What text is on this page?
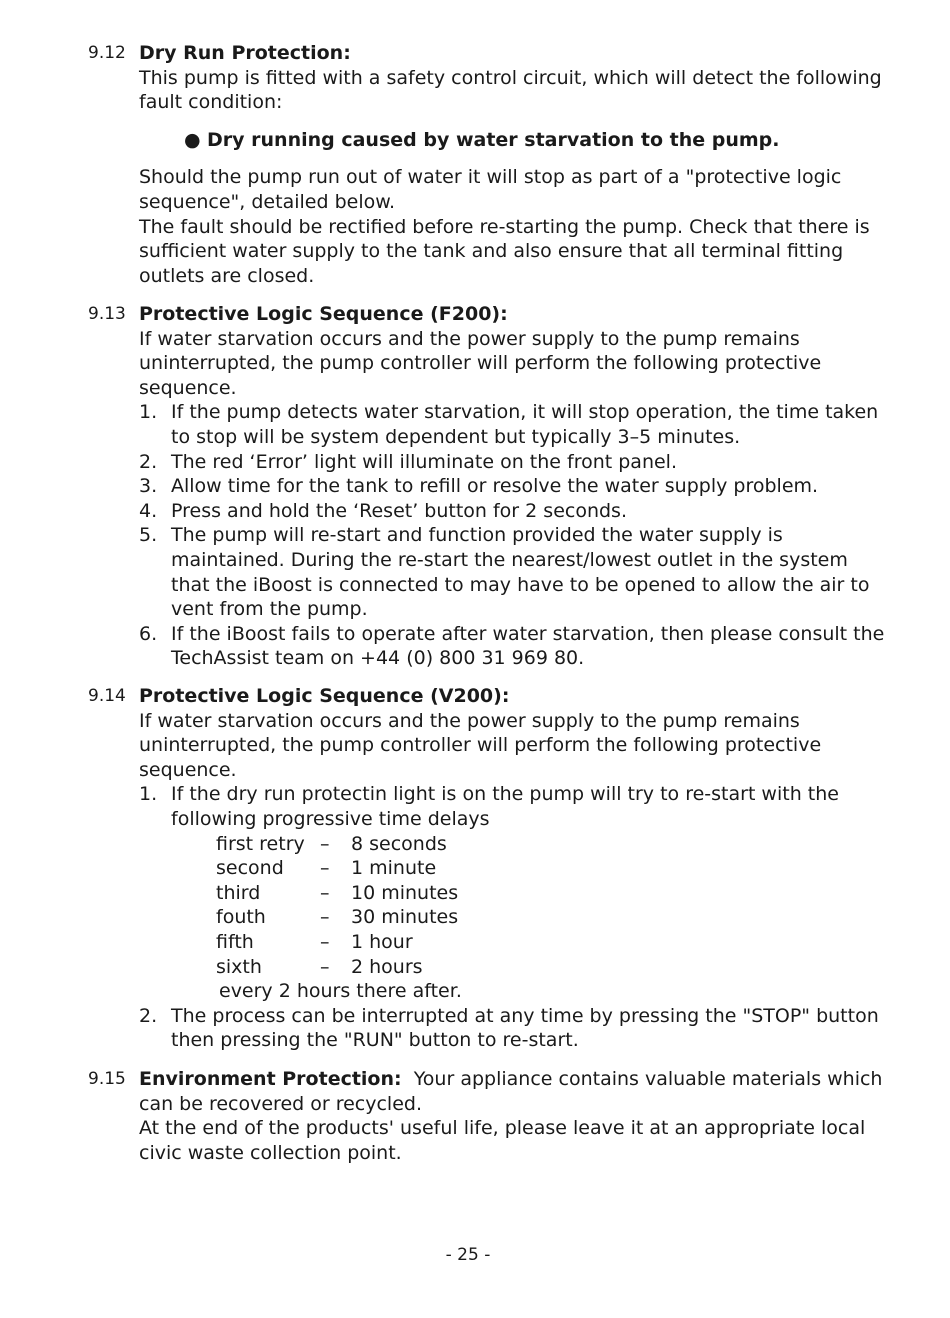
9.12 Dry Run Protection:

This pump is fitted with a safety control circuit, which will detect the following fault condition:

● Dry running caused by water starvation to the pump.

Should the pump run out of water it will stop as part of a "protective logic sequence", detailed below.

The fault should be rectified before re-starting the pump. Check that there is sufficient water supply to the tank and also ensure that all terminal fitting outlets are closed.

9.13 Protective Logic Sequence (F200):

If water starvation occurs and the power supply to the pump remains uninterrupted, the pump controller will perform the following protective sequence.

1. If the pump detects water starvation, it will stop operation, the time taken to stop will be system dependent but typically 3–5 minutes.
2. The red ‘Error’ light will illuminate on the front panel.
3. Allow time for the tank to refill or resolve the water supply problem.
4. Press and hold the ‘Reset’ button for 2 seconds.
5. The pump will re-start and function provided the water supply is maintained. During the re-start the nearest/lowest outlet in the system that the iBoost is connected to may have to be opened to allow the air to vent from the pump.
6. If the iBoost fails to operate after water starvation, then please consult the TechAssist team on +44 (0) 800 31 969 80.
9.14 Protective Logic Sequence (V200):

If water starvation occurs and the power supply to the pump remains uninterrupted, the pump controller will perform the following protective sequence.

1. If the dry run protectin light is on the pump will try to re-start with the following progressive time delays
first retry –	8 seconds
second	–	1 minute
third	–	10 minutes
fouth	–	30 minutes
fifth	–	1 hour
sixth	–	2 hours
every 2 hours there after.
2. The process can be interrupted at any time by pressing the "STOP" button then pressing the "RUN" button to re-start.
9.15 Environment Protection: Your appliance contains valuable materials which can be recovered or recycled.

At the end of the products' useful life, please leave it at an appropriate local civic waste collection point.

- 25 -
